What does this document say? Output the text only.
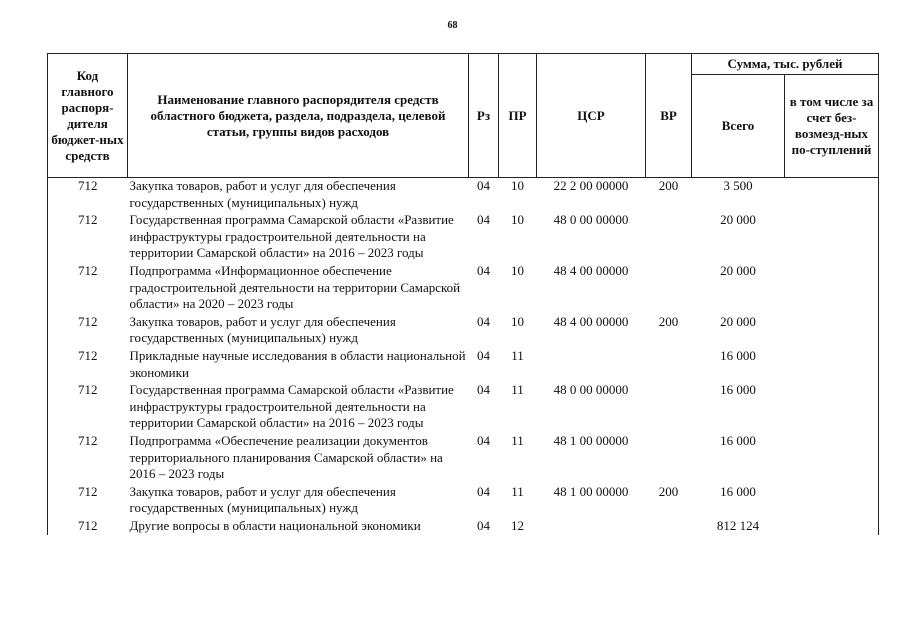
68
Код главного распоря-дителя бюджет-ных средств	Наименование главного распорядителя средств областного бюджета, раздела, подраздела, целевой статьи, группы видов расходов	Рз	ПР	ЦСР	ВР	Сумма, тыс. рублей	
						Всего	в том числе за счет без-возмезд-ных по-ступлений
712	Закупка товаров, работ и услуг для обеспечения государственных (муниципальных) нужд	04	10	22 2 00 00000	200	3 500	
712	Государственная программа Самарской области «Развитие инфраструктуры градостроительной деятельности на территории Самарской области» на 2016 – 2023 годы	04	10	48 0 00 00000		20 000	
712	Подпрограмма «Информационное обеспечение градостроительной деятельности на территории Самарской области» на 2020 – 2023 годы	04	10	48 4 00 00000		20 000	
712	Закупка товаров, работ и услуг для обеспечения государственных (муниципальных) нужд	04	10	48 4 00 00000	200	20 000	
712	Прикладные научные исследования в области национальной экономики	04	11			16 000	
712	Государственная программа Самарской области «Развитие инфраструктуры градостроительной деятельности на территории Самарской области» на 2016 – 2023 годы	04	11	48 0 00 00000		16 000	
712	Подпрограмма «Обеспечение реализации документов территориального планирования Самарской области» на 2016 – 2023 годы	04	11	48 1 00 00000		16 000	
712	Закупка товаров, работ и услуг для обеспечения государственных (муниципальных) нужд	04	11	48 1 00 00000	200	16 000	
712	Другие вопросы в области национальной экономики	04	12			812 124	
